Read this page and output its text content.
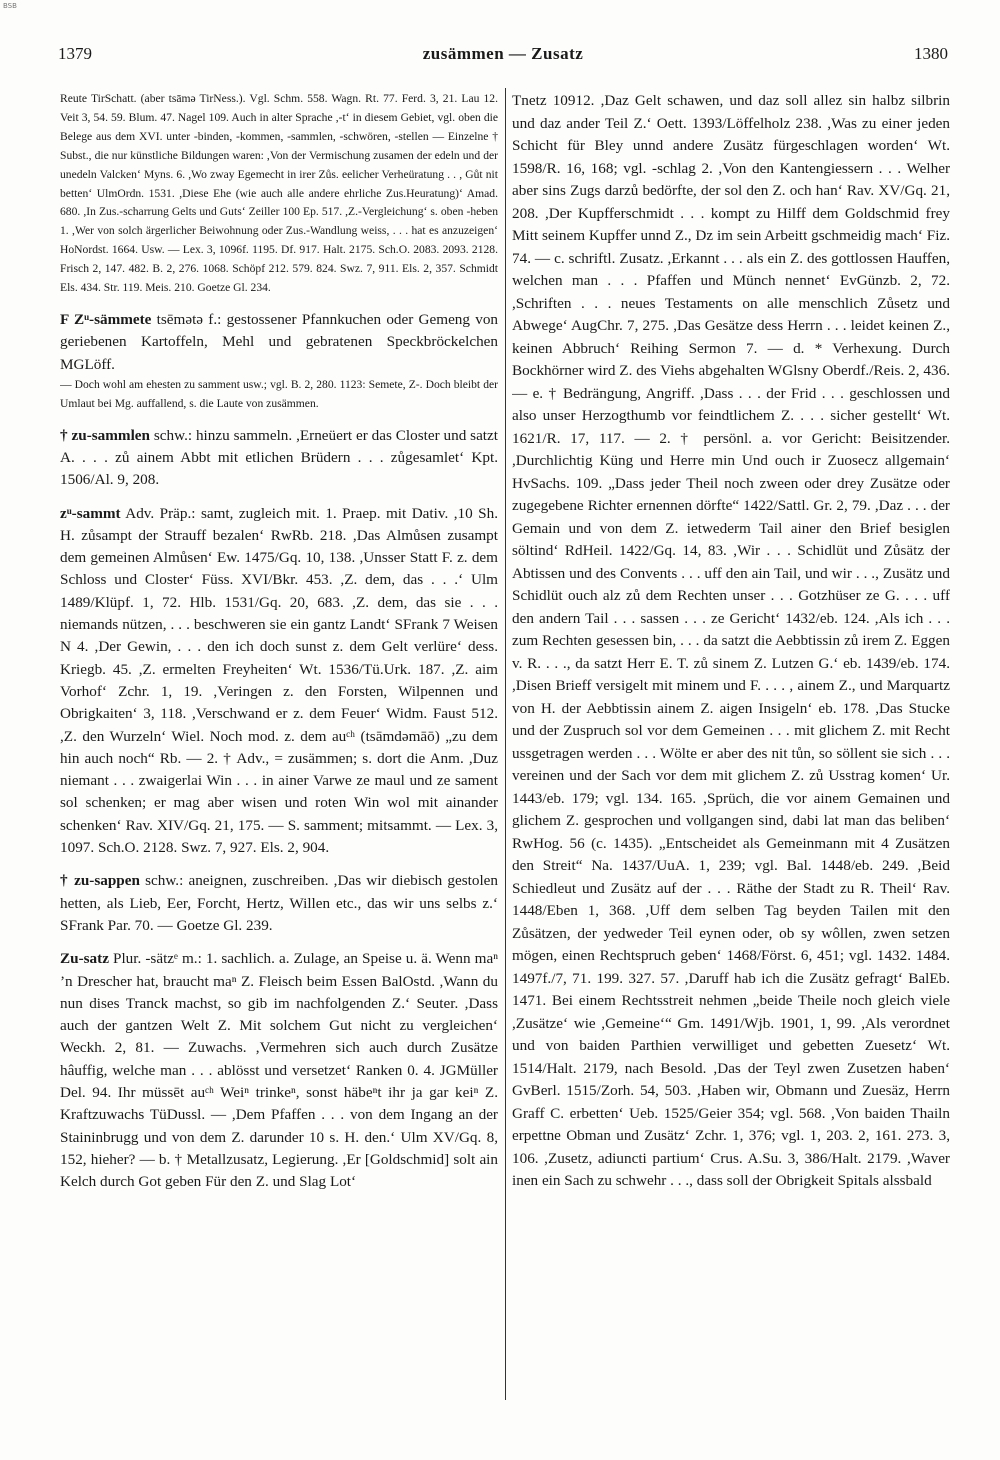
BSB
1379	zusämmen — Zusatz	1380

Reute TirSchatt. (aber tsāmə TirNess.). Vgl. Schm. 558. Wagn. Rt. 77. Ferd. 3, 21. Lau 12. Veit 3, 54. 59. Blum. 47. Nagel 109. Auch in alter Sprache ,-t‘ in diesem Gebiet, vgl. oben die Belege aus dem XVI. unter -binden, -kommen, -sammlen, -schwören, -stellen — Einzelne † Subst., die nur künstliche Bildungen waren: ,Von der Vermischung zusamen der edeln und der unedeln Valcken‘ Myns. 6. ,Wo zway Egemecht in irer Zůs. eelicher Verheüratung . . , Gůt nit betten‘ UlmOrdn. 1531. ,Diese Ehe (wie auch alle andere ehrliche Zus.Heuratung)‘ Amad. 680. ,In Zus.-scharrung Gelts und Guts‘ Zeiller 100 Ep. 517. ,Z.-Vergleichung‘ s. oben -heben 1. ,Wer von solch ärgerlicher Beiwohnung oder Zus.-Wandlung weiss, . . . hat es anzuzeigen‘ HoNordst. 1664. Usw. — Lex. 3, 1096f. 1195. Df. 917. Halt. 2175. Sch.O. 2083. 2093. 2128. Frisch 2, 147. 482. B. 2, 276. 1068. Schöpf 212. 579. 824. Swz. 7, 911. Els. 2, 357. Schmidt Els. 434. Str. 119. Meis. 210. Goetze Gl. 234.

F Zᵘ-sämmete tsēmətə f.: gestossener Pfannkuchen oder Gemeng von geriebenen Kartoffeln, Mehl und gebratenen Speckbröckelchen MGLöff.

— Doch wohl am ehesten zu samment usw.; vgl. B. 2, 280. 1123: Semete, Z-. Doch bleibt der Umlaut bei Mg. auffallend, s. die Laute von zusämmen.

† zu-sammlen schw.: hinzu sammeln. ,Erneüert er das Closter und satzt A. . . . zů ainem Abbt mit etlichen Brüdern . . . zůgesamlet‘ Kpt. 1506/Al. 9, 208.

zᵘ-sammt Adv. Präp.: samt, zugleich mit. 1. Praep. mit Dativ. ,10 Sh. H. zůsampt der Strauff bezalen‘ RwRb. 218. ,Das Almůsen zusampt dem gemeinen Almůsen‘ Ew. 1475/Gq. 10, 138. ,Unsser Statt F. z. dem Schloss und Closter‘ Füss. XVI/Bkr. 453. ,Z. dem, das . . .‘ Ulm 1489/Klüpf. 1, 72. Hlb. 1531/Gq. 20, 683. ,Z. dem, das sie . . . niemands nützen, . . . beschweren sie ein gantz Landt‘ SFrank 7 Weisen N 4. ,Der Gewin, . . . den ich doch sunst z. dem Gelt verlüre‘ dess. Kriegb. 45. ,Z. ermelten Freyheiten‘ Wt. 1536/Tü.Urk. 187. ,Z. aim Vorhof‘ Zchr. 1, 19. ,Veringen z. den Forsten, Wilpennen und Obrigkaiten‘ 3, 118. ,Verschwand er z. dem Feuer‘ Widm. Faust 512. ,Z. den Wurzeln‘ Wiel. Noch mod. z. dem auᶜʰ (tsāmdəmāō) „zu dem hin auch noch“ Rb. — 2. † Adv., = zusämmen; s. dort die Anm. ,Duz niemant . . . zwaigerlai Win . . . in ainer Varwe ze maul und ze sament sol schenken; er mag aber wisen und roten Win wol mit ainander schenken‘ Rav. XIV/Gq. 21, 175. — S. samment; mitsammt. — Lex. 3, 1097. Sch.O. 2128. Swz. 7, 927. Els. 2, 904.

† zu-sappen schw.: aneignen, zuschreiben. ,Das wir diebisch gestolen hetten, als Lieb, Eer, Forcht, Hertz, Willen etc., das wir uns selbs z.‘ SFrank Par. 70. — Goetze Gl. 239.

Zu-satz Plur. -sätzᵉ m.: 1. sachlich. a. Zulage, an Speise u. ä. Wenn maⁿ ’n Drescher hat, braucht maⁿ Z. Fleisch beim Essen BalOstd. ,Wann du nun dises Tranck machst, so gib im nachfolgenden Z.‘ Seuter. ,Dass auch der gantzen Welt Z. Mit solchem Gut nicht zu vergleichen‘ Weckh. 2, 81. — Zuwachs. ,Vermehren sich auch durch Zusätze hâuffig, welche man . . . ablösst und versetzet‘ Ranken 0. 4. JGMüller Del. 94. Ihr müssēt auᶜʰ Weiⁿ trinkeⁿ, sonst häbeⁿt ihr ja gar keiⁿ Z. Kraftzuwachs TüDussl. — ,Dem Pfaffen . . . von dem Ingang an der Staininbrugg und von dem Z. darunder 10 s. H. den.‘ Ulm XV/Gq. 8, 152, hieher? — b. † Metallzusatz, Legierung. ,Er [Goldschmid] solt ain Kelch durch Got geben Für den Z. und Slag Lot‘

Tnetz 10912. ,Daz Gelt schawen, und daz soll allez sin halbz silbrin und daz ander Teil Z.‘ Oett. 1393/Löffelholz 238. ,Was zu einer jeden Schicht für Bley unnd andere Zusätz fürgeschlagen worden‘ Wt. 1598/R. 16, 168; vgl. -schlag 2. ,Von den Kantengiessern . . . Welher aber sins Zugs darzů bedörfte, der sol den Z. och han‘ Rav. XV/Gq. 21, 208. ,Der Kupfferschmidt . . . kompt zu Hilff dem Goldschmid frey Mitt seinem Kupffer unnd Z., Dz im sein Arbeitt gschmeidig mach‘ Fiz. 74. — c. schriftl. Zusatz. ,Erkannt . . . als ein Z. des gottlossen Hauffen, welchen man . . . Pfaffen und Münch nennet‘ EvGünzb. 2, 72. ,Schriften . . . neues Testaments on alle menschlich Zůsetz und Abwege‘ AugChr. 7, 275. ,Das Gesätze dess Herrn . . . leidet keinen Z., keinen Abbruch‘ Reihing Sermon 7. — d. * Verhexung. Durch Bockhörner wird Z. des Viehs abgehalten WGlsny Oberdf./Reis. 2, 436. — e. † Bedrängung, Angriff. ,Dass . . . der Frid . . . geschlossen und also unser Herzogthumb vor feindtlichem Z. . . . sicher gestellt‘ Wt. 1621/R. 17, 117. — 2. † persönl. a. vor Gericht: Beisitzender. ,Durchlichtig Küng und Herre min Und ouch ir Zuosecz allgemain‘ HvSachs. 109. „Dass jeder Theil noch zween oder drey Zusätze oder zugegebene Richter ernennen dörfte“ 1422/Sattl. Gr. 2, 79. ,Daz . . . der Gemain und von dem Z. ietwederm Tail ainer den Brief besiglen söltind‘ RdHeil. 1422/Gq. 14, 83. ,Wir . . . Schidlüt und Zůsätz der Abtissen und des Convents . . . uff den ain Tail, und wir . . ., Zusätz und Schidlüt ouch alz zů dem Rechten unser . . . Gotzhüser ze G. . . . uff den andern Tail . . . sassen . . . ze Gericht‘ 1432/eb. 124. ,Als ich . . . zum Rechten gesessen bin, . . . da satzt die Aebbtissin zů irem Z. Eggen v. R. . . ., da satzt Herr E. T. zů sinem Z. Lutzen G.‘ eb. 1439/eb. 174. ,Disen Brieff versigelt mit minem und F. . . . , ainem Z., und Marquartz von H. der Aebbtissin ainem Z. aigen Insigeln‘ eb. 178. ,Das Stucke und der Zuspruch sol vor dem Gemeinen . . . mit glichem Z. mit Recht ussgetragen werden . . . Wölte er aber des nit tůn, so söllent sie sich . . . vereinen und der Sach vor dem mit glichem Z. zů Usstrag komen‘ Ur. 1443/eb. 179; vgl. 134. 165. ,Sprüch, die vor ainem Gemainen und glichem Z. gesprochen und vollgangen sind, dabi lat man das beliben‘ RwHog. 56 (c. 1435). „Entscheidet als Gemeinmann mit 4 Zusätzen den Streit“ Na. 1437/UuA. 1, 239; vgl. Bal. 1448/eb. 249. ,Beid Schiedleut und Zusätz auf der . . . Räthe der Stadt zu R. Theil‘ Rav. 1448/Eben 1, 368. ,Uff dem selben Tag beyden Tailen mit den Zůsätzen, der yedweder Teil eynen oder, ob sy wôllen, zwen setzen mögen, einen Rechtspruch geben‘ 1468/Först. 6, 451; vgl. 1432. 1484. 1497f./7, 71. 199. 327. 57. ,Daruff hab ich die Zusätz gefragt‘ BalEb. 1471. Bei einem Rechtsstreit nehmen „beide Theile noch gleich viele ,Zusätze‘ wie ,Gemeine‘“ Gm. 1491/Wjb. 1901, 1, 99. ,Als verordnet und von baiden Parthien verwilliget und gebetten Zuesetz‘ Wt. 1514/Halt. 2179, nach Besold. ,Das der Teyl zwen Zusetzen haben‘ GvBerl. 1515/Zorh. 54, 503. ,Haben wir, Obmann und Zuesäz, Herrn Graff C. erbetten‘ Ueb. 1525/Geier 354; vgl. 568. ,Von baiden Thailn erpettne Obman und Zusätz‘ Zchr. 1, 376; vgl. 1, 203. 2, 161. 273. 3, 106. ,Zusetz, adiuncti partium‘ Crus. A.Su. 3, 386/Halt. 2179. ,Waver inen ein Sach zu schwehr . . ., dass soll der Obrigkeit Spitals alssbald
